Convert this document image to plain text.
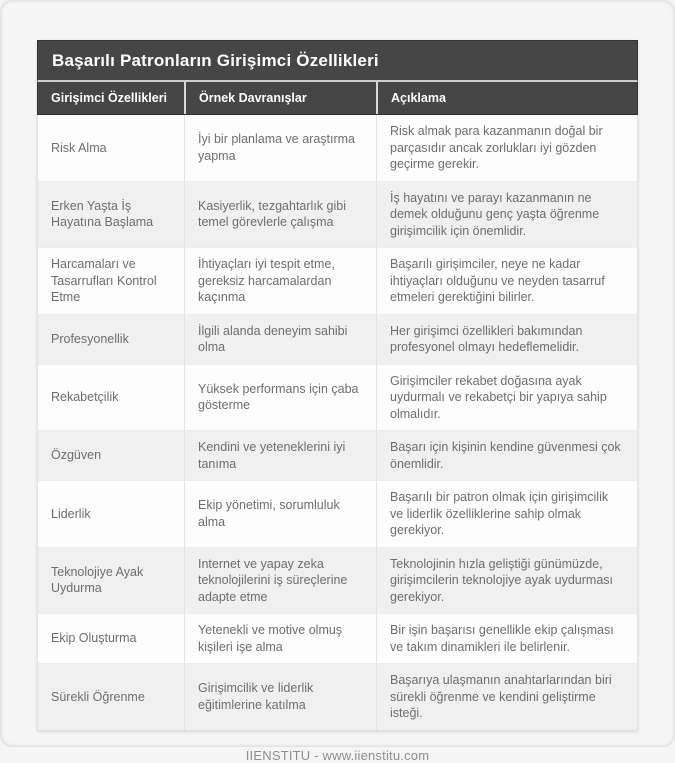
Başarılı Patronların Girişimci Özellikleri
Girişimci Özellikleri	Örnek Davranışlar	Açıklama
Risk Alma
İyi bir planlama ve araştırma yapma
Risk almak para kazanmanın doğal bir parçasıdır ancak zorlukları iyi gözden geçirme gerekir.
Erken Yaşta İş Hayatına Başlama
Kasiyerlik, tezgahtarlık gibi temel görevlerle çalışma
İş hayatını ve parayı kazanmanın ne demek olduğunu genç yaşta öğrenme girişimcilik için önemlidir.
Harcamaları ve Tasarrufları Kontrol Etme
İhtiyaçları iyi tespit etme, gereksiz harcamalardan kaçınma
Başarılı girişimciler, neye ne kadar ihtiyaçları olduğunu ve neyden tasarruf etmeleri gerektiğini bilirler.
Profesyonellik
İlgili alanda deneyim sahibi olma
Her girişimci özellikleri bakımından profesyonel olmayı hedeflemelidir.
Rekabetçilik
Yüksek performans için çaba gösterme
Girişimciler rekabet doğasına ayak uydurmalı ve rekabetçi bir yapıya sahip olmalıdır.
Özgüven
Kendini ve yeteneklerini iyi tanıma
Başarı için kişinin kendine güvenmesi çok önemlidir.
Liderlik
Ekip yönetimi, sorumluluk alma
Başarılı bir patron olmak için girişimcilik ve liderlik özelliklerine sahip olmak gerekiyor.
Teknolojiye Ayak Uydurma
Internet ve yapay zeka teknolojilerini iş süreçlerine adapte etme
Teknolojinin hızla geliştiği günümüzde, girişimcilerin teknolojiye ayak uydurması gerekiyor.
Ekip Oluşturma
Yetenekli ve motive olmuş kişileri işe alma
Bir işin başarısı genellikle ekip çalışması ve takım dinamikleri ile belirlenir.
Sürekli Öğrenme
Girişimcilik ve liderlik eğitimlerine katılma
Başarıya ulaşmanın anahtarlarından biri sürekli öğrenme ve kendini geliştirme isteği.
IIENSTITU - www.iienstitu.com
